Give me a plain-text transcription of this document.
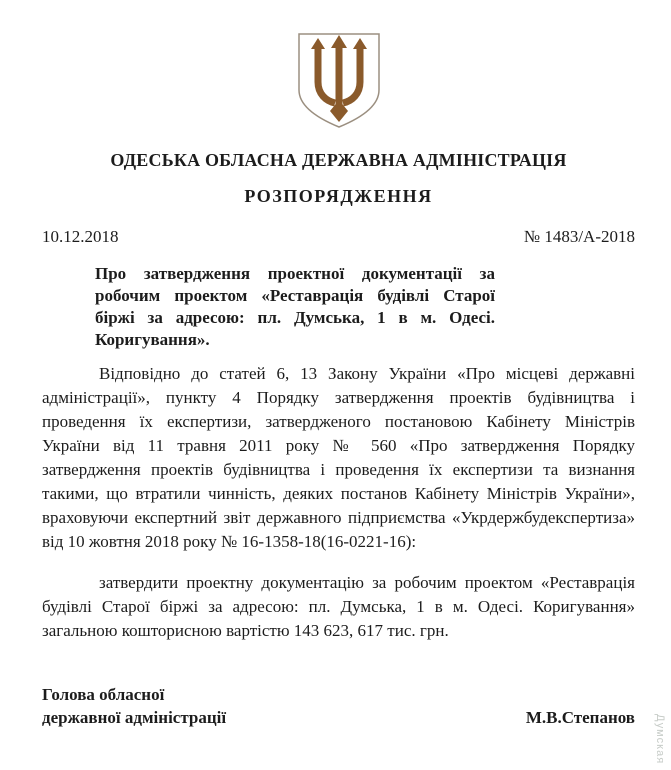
ОДЕСЬКА ОБЛАСНА ДЕРЖАВНА АДМІНІСТРАЦІЯ
РОЗПОРЯДЖЕННЯ
10.12.2018	№ 1483/А-2018
Про затвердження проектної документації за робочим проектом «Реставрація будівлі Старої біржі за адресою: пл. Думська, 1 в м. Одесі. Коригування».

Відповідно до статей 6, 13 Закону України «Про місцеві державні адміністрації», пункту 4 Порядку затвердження проектів будівництва і проведення їх експертизи, затвердженого постановою Кабінету Міністрів України від 11 травня 2011 року № 560 «Про затвердження Порядку затвердження проектів будівництва і проведення їх експертизи та визнання такими, що втратили чинність, деяких постанов Кабінету Міністрів України», враховуючи експертний звіт державного підприємства «Укрдержбудекспертиза» від 10 жовтня 2018 року № 16-1358-18(16-0221-16):

затвердити проектну документацію за робочим проектом «Реставрація будівлі Старої біржі за адресою: пл. Думська, 1 в м. Одесі. Коригування» загальною кошторисною вартістю 143 623, 617 тис. грн.

Голова обласної
державної адміністрації	М.В.Степанов Думская
